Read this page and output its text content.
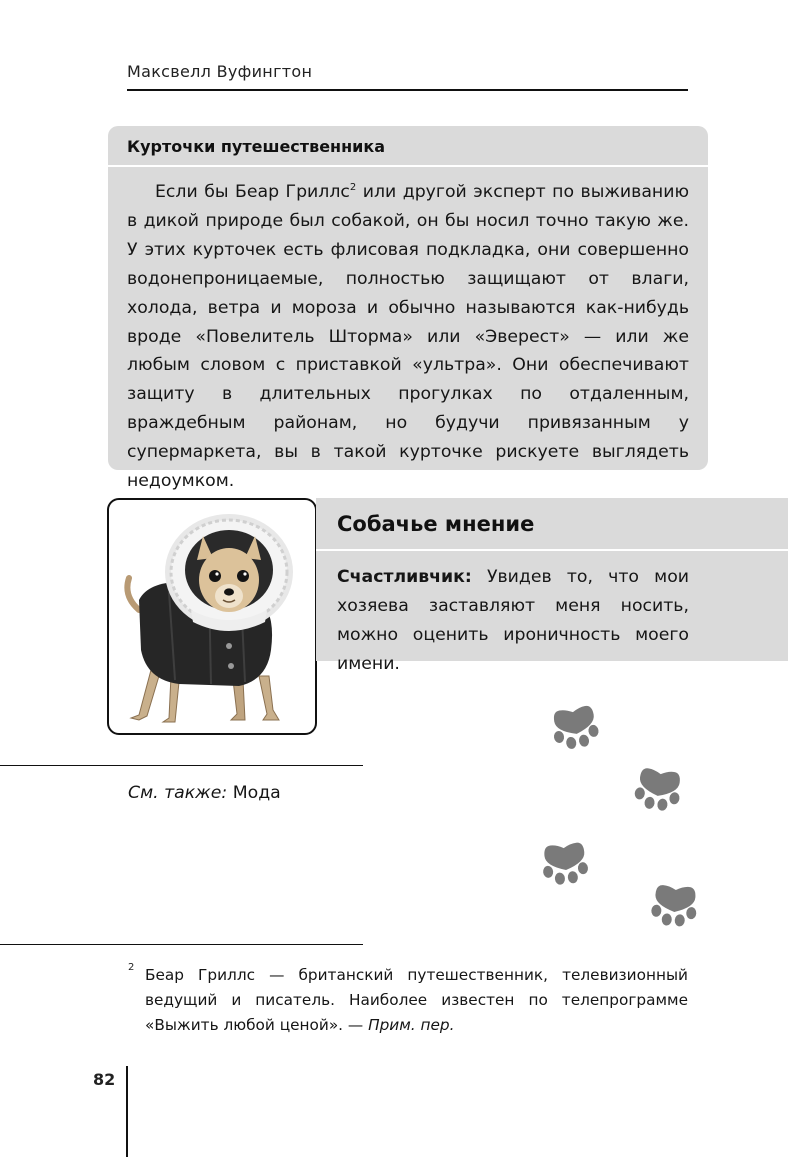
Максвелл Вуфингтон
Курточки путешественника

Если бы Беар Гриллс$^2$ или другой эксперт по выживанию в дикой природе был собакой, он бы носил точно такую же. У этих курточек есть флисовая подкладка, они совершенно водонепроницаемые, полностью защищают от влаги, холода, ветра и мороза и обычно называются как-нибудь вроде «Повелитель Шторма» или «Эверест» — или же любым словом с приставкой «ультра». Они обеспечивают защиту в длительных прогулках по отдаленным, враждебным районам, но будучи привязанным у супермаркета, вы в такой курточке рискуете выглядеть недоумком.

Собачье мнение
Счастливчик: Увидев то, что мои хозяева заставляют меня носить, можно оценить ироничность моего имени.
См. также: Мода
2 Беар Гриллс — британский путешественник, телевизионный ведущий и писатель. Наиболее известен по телепрограмме «Выжить любой ценой». — Прим. пер.
82
